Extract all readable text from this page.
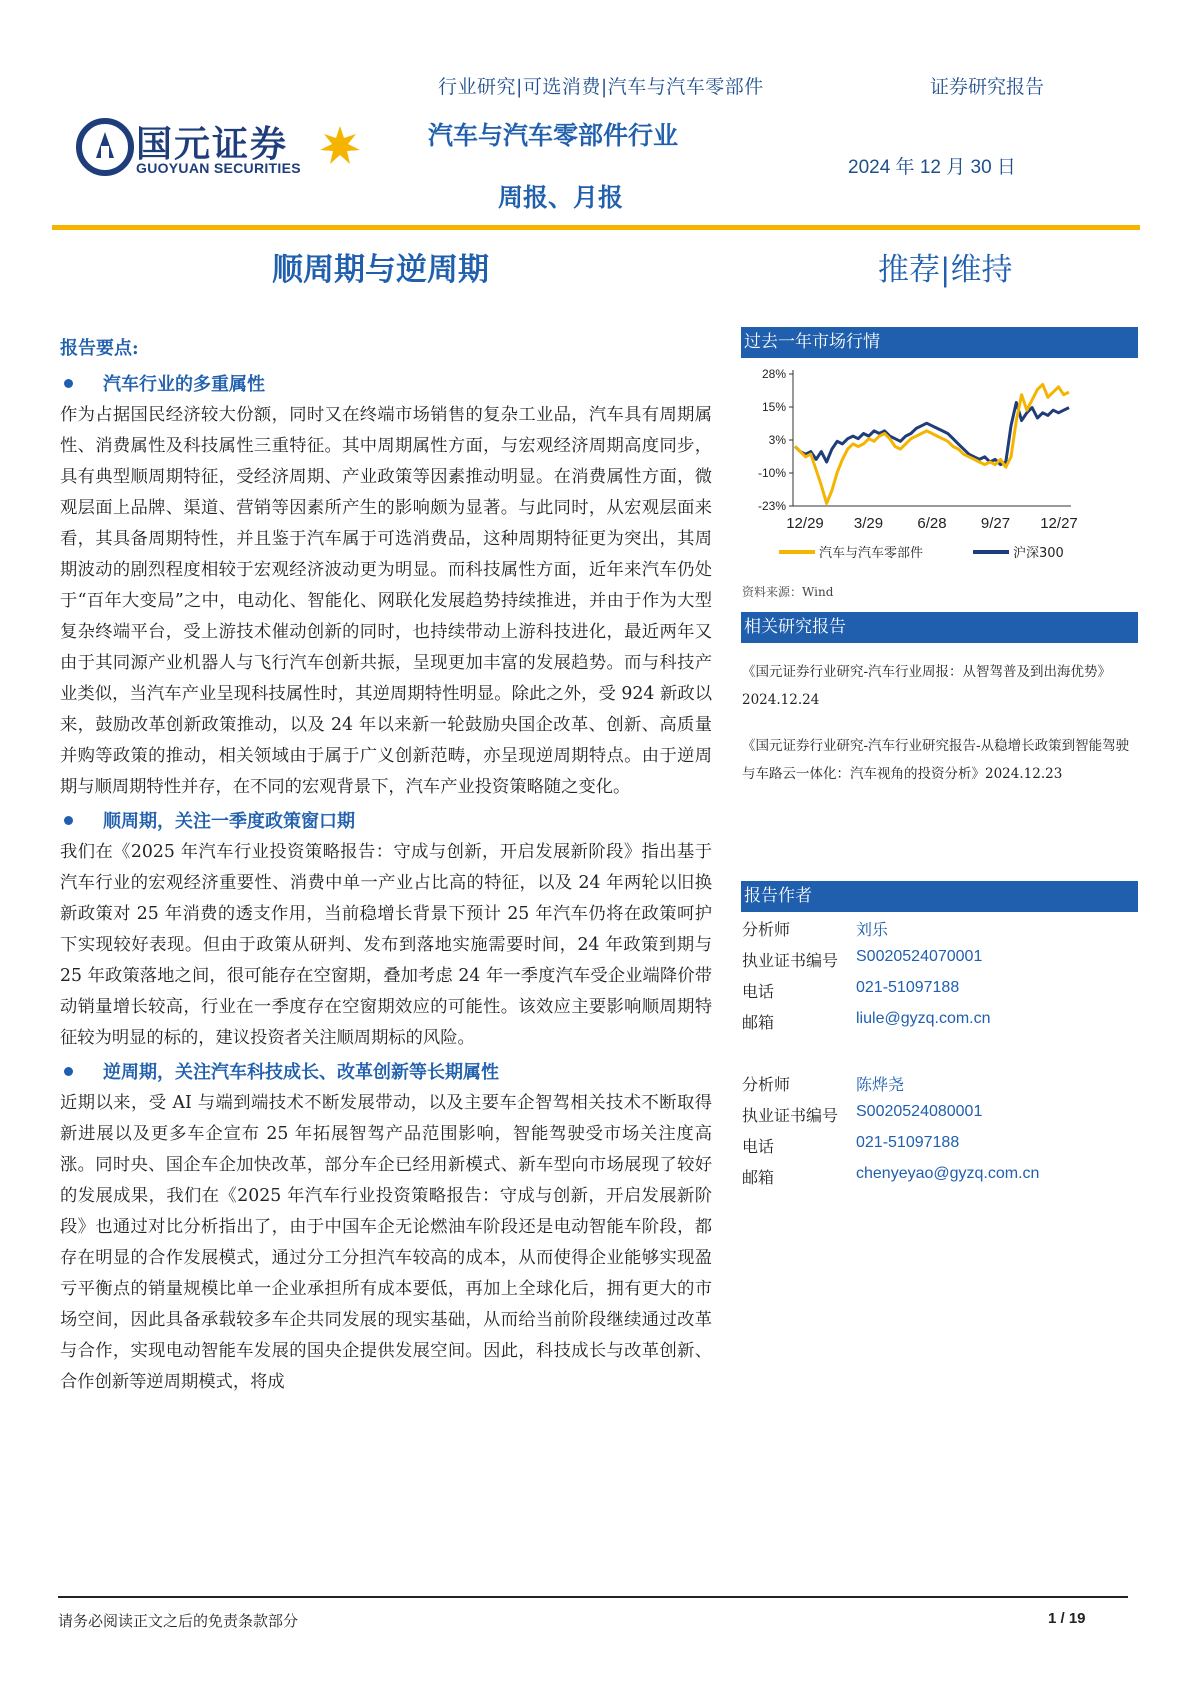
行业研究|可选消费|汽车与汽车零部件	证券研究报告
国元证券
GUOYUAN SECURITIES
汽车与汽车零部件行业
周报、月报
2024 年 12 月 30 日
顺周期与逆周期	推荐|维持
报告要点:
汽车行业的多重属性

作为占据国民经济较大份额，同时又在终端市场销售的复杂工业品，汽车具有周期属性、消费属性及科技属性三重特征。其中周期属性方面，与宏观经济周期高度同步，具有典型顺周期特征，受经济周期、产业政策等因素推动明显。在消费属性方面，微观层面上品牌、渠道、营销等因素所产生的影响颇为显著。与此同时，从宏观层面来看，其具备周期特性，并且鉴于汽车属于可选消费品，这种周期特征更为突出，其周期波动的剧烈程度相较于宏观经济波动更为明显。而科技属性方面，近年来汽车仍处于“百年大变局”之中，电动化、智能化、网联化发展趋势持续推进，并由于作为大型复杂终端平台，受上游技术催动创新的同时，也持续带动上游科技进化，最近两年又由于其同源产业机器人与飞行汽车创新共振，呈现更加丰富的发展趋势。而与科技产业类似，当汽车产业呈现科技属性时，其逆周期特性明显。除此之外，受 924 新政以来，鼓励改革创新政策推动，以及 24 年以来新一轮鼓励央国企改革、创新、高质量并购等政策的推动，相关领域由于属于广义创新范畴，亦呈现逆周期特点。由于逆周期与顺周期特性并存，在不同的宏观背景下，汽车产业投资策略随之变化。

顺周期，关注一季度政策窗口期

我们在《2025 年汽车行业投资策略报告：守成与创新，开启发展新阶段》指出基于汽车行业的宏观经济重要性、消费中单一产业占比高的特征，以及 24 年两轮以旧换新政策对 25 年消费的透支作用，当前稳增长背景下预计 25 年汽车仍将在政策呵护下实现较好表现。但由于政策从研判、发布到落地实施需要时间，24 年政策到期与 25 年政策落地之间，很可能存在空窗期，叠加考虑 24 年一季度汽车受企业端降价带动销量增长较高，行业在一季度存在空窗期效应的可能性。该效应主要影响顺周期特征较为明显的标的，建议投资者关注顺周期标的风险。

逆周期，关注汽车科技成长、改革创新等长期属性

近期以来，受 AI 与端到端技术不断发展带动，以及主要车企智驾相关技术不断取得新进展以及更多车企宣布 25 年拓展智驾产品范围影响，智能驾驶受市场关注度高涨。同时央、国企车企加快改革，部分车企已经用新模式、新车型向市场展现了较好的发展成果，我们在《2025 年汽车行业投资策略报告：守成与创新，开启发展新阶段》也通过对比分析指出了，由于中国车企无论燃油车阶段还是电动智能车阶段，都存在明显的合作发展模式，通过分工分担汽车较高的成本，从而使得企业能够实现盈亏平衡点的销量规模比单一企业承担所有成本要低，再加上全球化后，拥有更大的市场空间，因此具备承载较多车企共同发展的现实基础，从而给当前阶段继续通过改革与合作，实现电动智能车发展的国央企提供发展空间。因此，科技成长与改革创新、合作创新等逆周期模式，将成

过去一年市场行情
28%
15%
3%
-10%
-23%
12/29 3/29 6/28 9/27 12/27
汽车与汽车零部件	沪深300
资料来源：Wind
相关研究报告
《国元证券行业研究-汽车行业周报：从智驾普及到出海优势》2024.12.24
《国元证券行业研究-汽车行业研究报告-从稳增长政策到智能驾驶与车路云一体化：汽车视角的投资分析》2024.12.23
报告作者
分析师	刘乐
执业证书编号 S0020524070001
电话	021-51097188
邮箱	liule@gyzq.com.cn
分析师	陈烨尧
执业证书编号 S0020524080001
电话	021-51097188
邮箱	chenyeyao@gyzq.com.cn
请务必阅读正文之后的免责条款部分	1 / 19
